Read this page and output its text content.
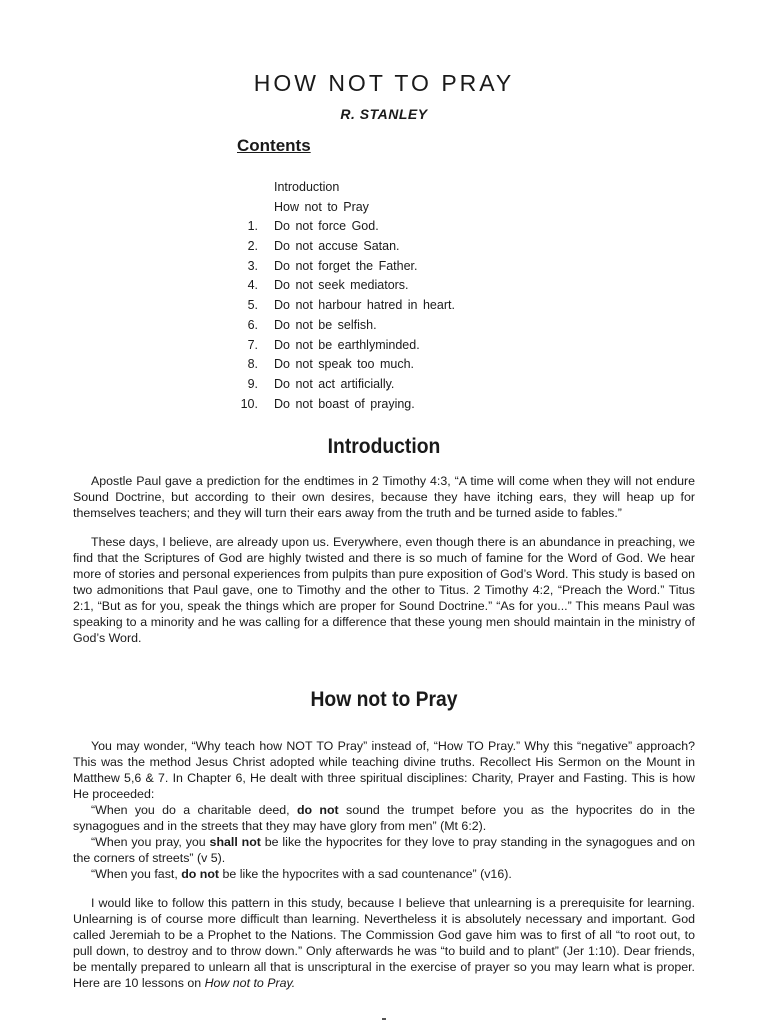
HOW NOT TO PRAY
R. STANLEY
Contents
Introduction
How not to Pray
1.	Do not force God.
2.	Do not accuse Satan.
3.	Do not forget the Father.
4.	Do not seek mediators.
5.	Do not harbour hatred in heart.
6.	Do not be selfish.
7.	Do not be earthlyminded.
8.	Do not speak too much.
9.	Do not act artificially.
10.	Do not boast of praying.
Introduction

Apostle Paul gave a prediction for the endtimes in 2 Timothy 4:3, “A time will come when they will not endure Sound Doctrine, but according to their own desires, because they have itching ears, they will heap up for themselves teachers; and they will turn their ears away from the truth and be turned aside to fables.”

These days, I believe, are already upon us. Everywhere, even though there is an abundance in preaching, we find that the Scriptures of God are highly twisted and there is so much of famine for the Word of God. We hear more of stories and personal experiences from pulpits than pure exposition of God’s Word. This study is based on two admonitions that Paul gave, one to Timothy and the other to Titus. 2 Timothy 4:2, “Preach the Word.” Titus 2:1, “But as for you, speak the things which are proper for Sound Doctrine.” “As for you...” This means Paul was speaking to a minority and he was calling for a difference that these young men should maintain in the ministry of God’s Word.

How not to Pray

You may wonder, “Why teach how NOT TO Pray” instead of, “How TO Pray.” Why this “negative” approach? This was the method Jesus Christ adopted while teaching divine truths. Recollect His Sermon on the Mount in Matthew 5,6 & 7. In Chapter 6, He dealt with three spiritual disciplines: Charity, Prayer and Fasting. This is how He proceeded:

“When you do a charitable deed, do not sound the trumpet before you as the hypocrites do in the synagogues and in the streets that they may have glory from men” (Mt 6:2).

“When you pray, you shall not be like the hypocrites for they love to pray standing in the synagogues and on the corners of streets” (v 5).

“When you fast, do not be like the hypocrites with a sad countenance” (v16).

I would like to follow this pattern in this study, because I believe that unlearning is a prerequisite for learning. Unlearning is of course more difficult than learning. Nevertheless it is absolutely necessary and important. God called Jeremiah to be a Prophet to the Nations. The Commission God gave him was to first of all “to root out, to pull down, to destroy and to throw down.” Only afterwards he was “to build and to plant” (Jer 1:10). Dear friends, be mentally prepared to unlearn all that is unscriptural in the exercise of prayer so you may learn what is proper. Here are 10 lessons on How not to Pray.
